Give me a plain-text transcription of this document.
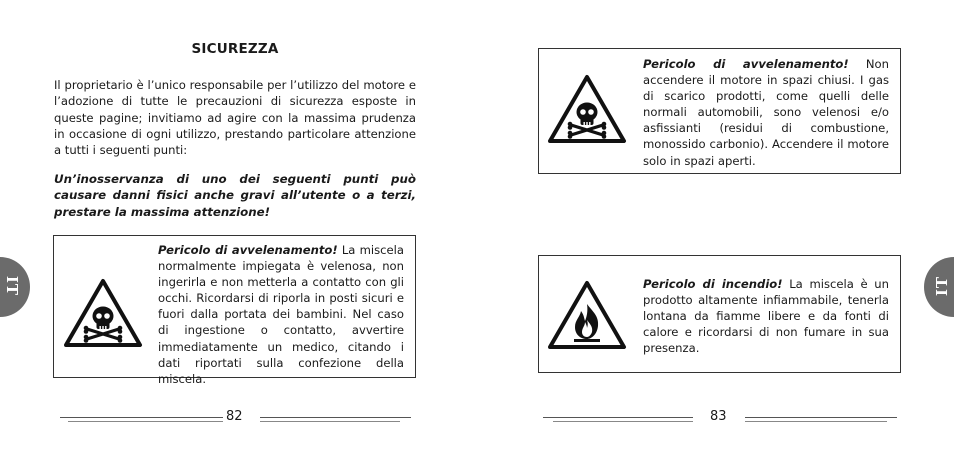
SICUREZZA
Il proprietario è l’unico responsabile per l’utilizzo del motore e l’adozione di tutte le precauzioni di sicurezza esposte in queste pagine; invitiamo ad agire con la massima prudenza in occasione di ogni utilizzo, prestando particolare attenzione a tutti i seguenti punti:
Un’inosservanza di uno dei seguenti punti può causare danni fisici anche gravi all’utente o a terzi, prestare la massima attenzione!
Pericolo di avvelenamento! La miscela normalmente impiegata è velenosa, non ingerirla e non metterla a contatto con gli occhi. Ricordarsi di riporla in posti sicuri e fuori dalla portata dei bambini. Nel caso di ingestione o contatto, avvertire immediatamente un medico, citando i dati riportati sulla confezione della miscela.
82
IT
Pericolo di avvelenamento! Non accendere il motore in spazi chiusi. I gas di scarico prodotti, come quelli delle normali automobili, sono velenosi e/o asfissianti (residui di combustione, monossido carbonio). Accendere il motore solo in spazi aperti.
Pericolo di incendio! La miscela è un prodotto altamente infiammabile, tenerla lontana da fiamme libere e da fonti di calore e ricordarsi di non fumare in sua presenza.
83
IT
